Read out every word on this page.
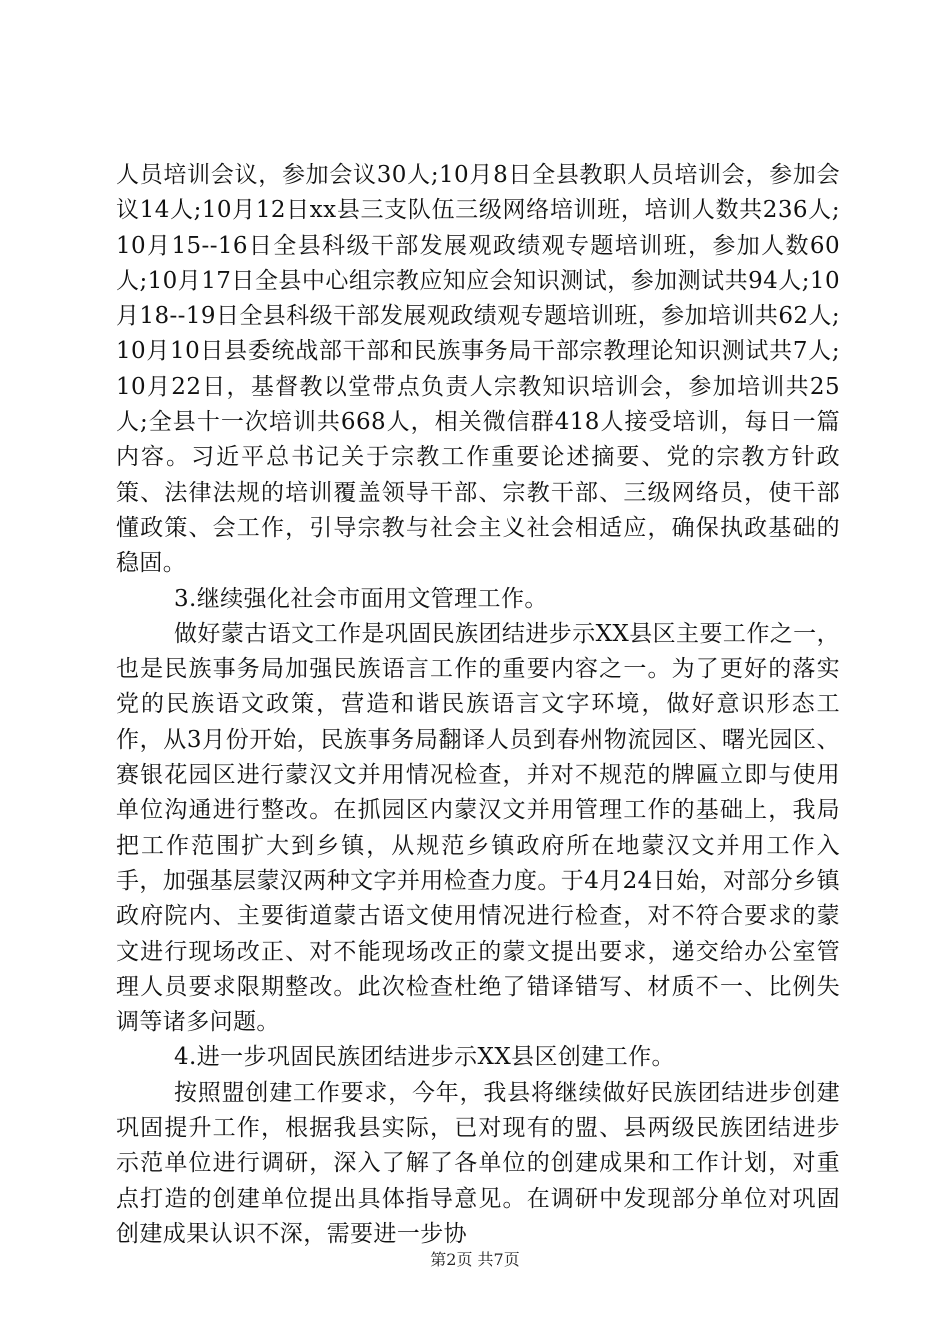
人员培训会议，参加会议30人;10月8日全县教职人员培训会，参加会议14人;10月12日xx县三支队伍三级网络培训班，培训人数共236人;10月15--16日全县科级干部发展观政绩观专题培训班，参加人数60人;10月17日全县中心组宗教应知应会知识测试，参加测试共94人;10月18--19日全县科级干部发展观政绩观专题培训班，参加培训共62人;10月10日县委统战部干部和民族事务局干部宗教理论知识测试共7人;10月22日，基督教以堂带点负责人宗教知识培训会，参加培训共25人;全县十一次培训共668人，相关微信群418人接受培训，每日一篇内容。习近平总书记关于宗教工作重要论述摘要、党的宗教方针政策、法律法规的培训覆盖领导干部、宗教干部、三级网络员，使干部懂政策、会工作，引导宗教与社会主义社会相适应，确保执政基础的稳固。

3.继续强化社会市面用文管理工作。

做好蒙古语文工作是巩固民族团结进步示XX县区主要工作之一，也是民族事务局加强民族语言工作的重要内容之一。为了更好的落实党的民族语文政策，营造和谐民族语言文字环境，做好意识形态工作，从3月份开始，民族事务局翻译人员到春州物流园区、曙光园区、赛银花园区进行蒙汉文并用情况检查，并对不规范的牌匾立即与使用单位沟通进行整改。在抓园区内蒙汉文并用管理工作的基础上，我局把工作范围扩大到乡镇，从规范乡镇政府所在地蒙汉文并用工作入手，加强基层蒙汉两种文字并用检查力度。于4月24日始，对部分乡镇政府院内、主要街道蒙古语文使用情况进行检查，对不符合要求的蒙文进行现场改正、对不能现场改正的蒙文提出要求，递交给办公室管理人员要求限期整改。此次检查杜绝了错译错写、材质不一、比例失调等诸多问题。

4.进一步巩固民族团结进步示XX县区创建工作。

按照盟创建工作要求，今年，我县将继续做好民族团结进步创建巩固提升工作，根据我县实际，已对现有的盟、县两级民族团结进步示范单位进行调研，深入了解了各单位的创建成果和工作计划，对重点打造的创建单位提出具体指导意见。在调研中发现部分单位对巩固创建成果认识不深，需要进一步协

第2页 共7页
